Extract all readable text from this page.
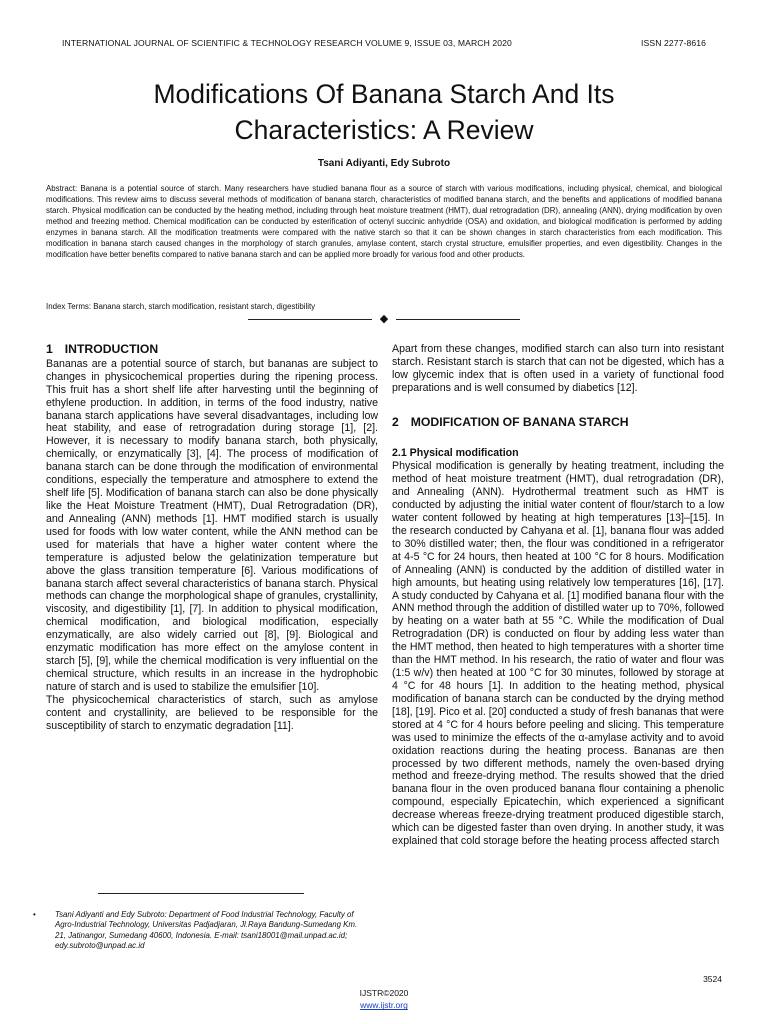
INTERNATIONAL JOURNAL OF SCIENTIFIC & TECHNOLOGY RESEARCH VOLUME 9, ISSUE 03, MARCH 2020	ISSN 2277-8616
Modifications Of Banana Starch And Its
Characteristics: A Review
Tsani Adiyanti, Edy Subroto
Abstract: Banana is a potential source of starch. Many researchers have studied banana flour as a source of starch with various modifications, including physical, chemical, and biological modifications. This review aims to discuss several methods of modification of banana starch, characteristics of modified banana starch, and the benefits and applications of modified banana starch. Physical modification can be conducted by the heating method, including through heat moisture treatment (HMT), dual retrogradation (DR), annealing (ANN), drying modification by oven method and freezing method. Chemical modification can be conducted by esterification of octenyl succinic anhydride (OSA) and oxidation, and biological modification is performed by adding enzymes in banana starch. All the modification treatments were compared with the native starch so that it can be shown changes in starch characteristics from each modification. This modification in banana starch caused changes in the morphology of starch granules, amylase content, starch crystal structure, emulsifier properties, and even digestibility. Changes in the modification have better benefits compared to native banana starch and can be applied more broadly for various food and other products.
Index Terms: Banana starch, starch modification, resistant starch, digestibility
◆
1 INTRODUCTION

Bananas are a potential source of starch, but bananas are subject to changes in physicochemical properties during the ripening process. This fruit has a short shelf life after harvesting until the beginning of ethylene production. In addition, in terms of the food industry, native banana starch applications have several disadvantages, including low heat stability, and ease of retrogradation during storage [1], [2]. However, it is necessary to modify banana starch, both physically, chemically, or enzymatically [3], [4]. The process of modification of banana starch can be done through the modification of environmental conditions, especially the temperature and atmosphere to extend the shelf life [5]. Modification of banana starch can also be done physically like the Heat Moisture Treatment (HMT), Dual Retrogradation (DR), and Annealing (ANN) methods [1]. HMT modified starch is usually used for foods with low water content, while the ANN method can be used for materials that have a higher water content where the temperature is adjusted below the gelatinization temperature but above the glass transition temperature [6]. Various modifications of banana starch affect several characteristics of banana starch. Physical methods can change the morphological shape of granules, crystallinity, viscosity, and digestibility [1], [7]. In addition to physical modification, chemical modification, and biological modification, especially enzymatically, are also widely carried out [8], [9]. Biological and enzymatic modification has more effect on the amylose content in starch [5], [9], while the chemical modification is very influential on the chemical structure, which results in an increase in the hydrophobic nature of starch and is used to stabilize the emulsifier [10].

The physicochemical characteristics of starch, such as amylose content and crystallinity, are believed to be responsible for the susceptibility of starch to enzymatic degradation [11].

Apart from these changes, modified starch can also turn into resistant starch. Resistant starch is starch that can not be digested, which has a low glycemic index that is often used in a variety of functional food preparations and is well consumed by diabetics [12].

2 MODIFICATION OF BANANA STARCH
2.1 Physical modification

Physical modification is generally by heating treatment, including the method of heat moisture treatment (HMT), dual retrogradation (DR), and Annealing (ANN). Hydrothermal treatment such as HMT is conducted by adjusting the initial water content of flour/starch to a low water content followed by heating at high temperatures [13]–[15]. In the research conducted by Cahyana et al. [1], banana flour was added to 30% distilled water; then, the flour was conditioned in a refrigerator at 4-5 °C for 24 hours, then heated at 100 °C for 8 hours. Modification of Annealing (ANN) is conducted by the addition of distilled water in high amounts, but heating using relatively low temperatures [16], [17]. A study conducted by Cahyana et al. [1] modified banana flour with the ANN method through the addition of distilled water up to 70%, followed by heating on a water bath at 55 °C. While the modification of Dual Retrogradation (DR) is conducted on flour by adding less water than the HMT method, then heated to high temperatures with a shorter time than the HMT method. In his research, the ratio of water and flour was (1:5 w/v) then heated at 100 °C for 30 minutes, followed by storage at 4 °C for 48 hours [1]. In addition to the heating method, physical modification of banana starch can be conducted by the drying method [18], [19]. Pico et al. [20] conducted a study of fresh bananas that were stored at 4 °C for 4 hours before peeling and slicing. This temperature was used to minimize the effects of the α-amylase activity and to avoid oxidation reactions during the heating process. Bananas are then processed by two different methods, namely the oven-based drying method and freeze-drying method. The results showed that the dried banana flour in the oven produced banana flour containing a phenolic compound, especially Epicatechin, which experienced a significant decrease whereas freeze-drying treatment produced digestible starch, which can be digested faster than oven drying. In another study, it was explained that cold storage before the heating process affected starch

•	Tsani Adiyanti and Edy Subroto: Department of Food Industrial Technology, Faculty of Agro-Industrial Technology, Universitas Padjadjaran, Jl.Raya Bandung-Sumedang Km. 21, Jatinangor, Sumedang 40600, Indonesia. E-mail: tsani18001@mail.unpad.ac.id; edy.subroto@unpad.ac.id
3524
IJSTR©2020
www.ijstr.org
